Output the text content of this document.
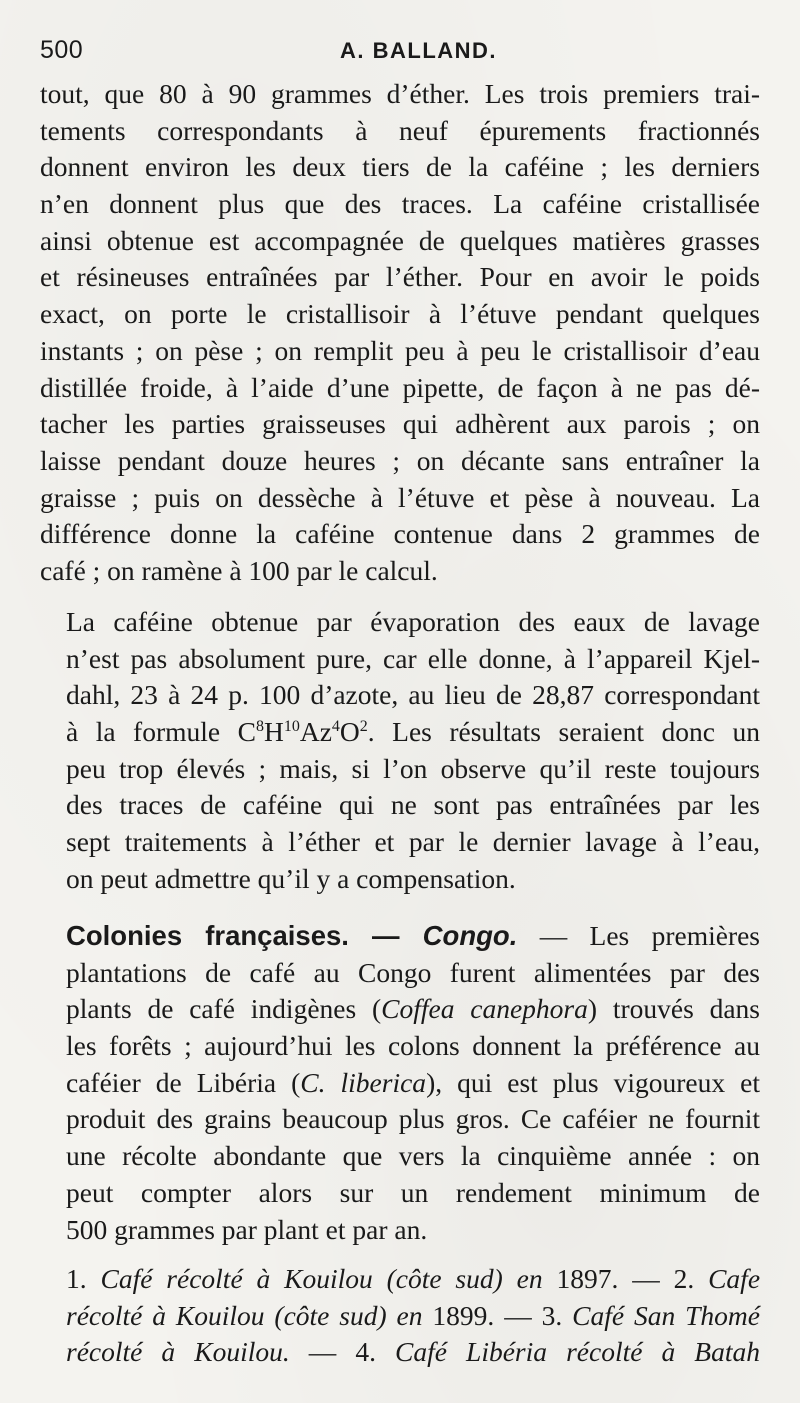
500	A. BALLAND.
tout, que 80 à 90 grammes d’éther. Les trois premiers trai-
tements correspondants à neuf épurements fractionnés
donnent environ les deux tiers de la caféine ; les derniers
n’en donnent plus que des traces. La caféine cristallisée
ainsi obtenue est accompagnée de quelques matières grasses
et résineuses entraînées par l’éther. Pour en avoir le poids
exact, on porte le cristallisoir à l’étuve pendant quelques
instants ; on pèse ; on remplit peu à peu le cristallisoir d’eau
distillée froide, à l’aide d’une pipette, de façon à ne pas dé-
tacher les parties graisseuses qui adhèrent aux parois ; on
laisse pendant douze heures ; on décante sans entraîner la
graisse ; puis on dessèche à l’étuve et pèse à nouveau. La
différence donne la caféine contenue dans 2 grammes de
café ; on ramène à 100 par le calcul.
La caféine obtenue par évaporation des eaux de lavage
n’est pas absolument pure, car elle donne, à l’appareil Kjel-
dahl, 23 à 24 p. 100 d’azote, au lieu de 28,87 correspondant
à la formule $C^8H^{10}Az^4O^2$. Les résultats seraient donc un
peu trop élevés ; mais, si l’on observe qu’il reste toujours
des traces de caféine qui ne sont pas entraînées par les
sept traitements à l’éther et par le dernier lavage à l’eau,
on peut admettre qu’il y a compensation.
Colonies françaises. — Congo. — Les premières
plantations de café au Congo furent alimentées par des
plants de café indigènes (Coffea canephora) trouvés dans
les forêts ; aujourd’hui les colons donnent la préférence au
caféier de Libéria (C. liberica), qui est plus vigoureux et
produit des grains beaucoup plus gros. Ce caféier ne fournit
une récolte abondante que vers la cinquième année : on
peut compter alors sur un rendement minimum de
500 grammes par plant et par an.
1. Café récolté à Kouilou (côte sud) en 1897. — 2. Cafe
récolté à Kouilou (côte sud) en 1899. — 3. Café San Thomé
récolté à Kouilou. — 4. Café Libéria récolté à Batah
